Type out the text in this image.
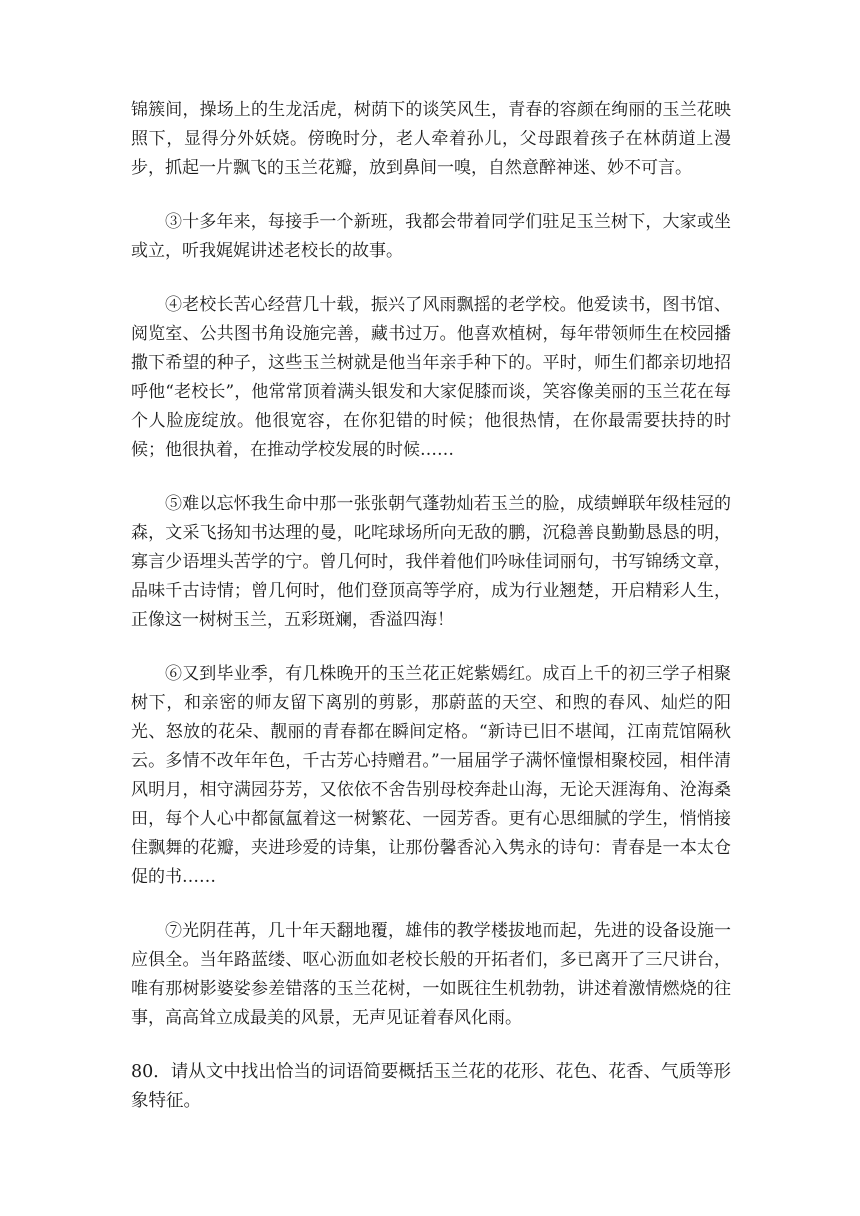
锦簇间，操场上的生龙活虎，树荫下的谈笑风生，青春的容颜在绚丽的玉兰花映照下，显得分外妖娆。傍晚时分，老人牵着孙儿，父母跟着孩子在林荫道上漫步，抓起一片飘飞的玉兰花瓣，放到鼻间一嗅，自然意醉神迷、妙不可言。

③十多年来，每接手一个新班，我都会带着同学们驻足玉兰树下，大家或坐或立，听我娓娓讲述老校长的故事。

④老校长苦心经营几十载，振兴了风雨飘摇的老学校。他爱读书，图书馆、阅览室、公共图书角设施完善，藏书过万。他喜欢植树，每年带领师生在校园播撒下希望的种子，这些玉兰树就是他当年亲手种下的。平时，师生们都亲切地招呼他“老校长”，他常常顶着满头银发和大家促膝而谈，笑容像美丽的玉兰花在每个人脸庞绽放。他很宽容，在你犯错的时候；他很热情，在你最需要扶持的时候；他很执着，在推动学校发展的时候……

⑤难以忘怀我生命中那一张张朝气蓬勃灿若玉兰的脸，成绩蝉联年级桂冠的森，文采飞扬知书达理的曼，叱咤球场所向无敌的鹏，沉稳善良勤勤恳恳的明，寡言少语埋头苦学的宁。曾几何时，我伴着他们吟咏佳词丽句，书写锦绣文章，品味千古诗情；曾几何时，他们登顶高等学府，成为行业翘楚，开启精彩人生，正像这一树树玉兰，五彩斑斓，香溢四海！

⑥又到毕业季，有几株晚开的玉兰花正姹紫嫣红。成百上千的初三学子相聚树下，和亲密的师友留下离别的剪影，那蔚蓝的天空、和煦的春风、灿烂的阳光、怒放的花朵、靓丽的青春都在瞬间定格。“新诗已旧不堪闻，江南荒馆隔秋云。多情不改年年色，千古芳心持赠君。”一届届学子满怀憧憬相聚校园，相伴清风明月，相守满园芬芳，又依依不舍告别母校奔赴山海，无论天涯海角、沧海桑田，每个人心中都氤氲着这一树繁花、一园芳香。更有心思细腻的学生，悄悄接住飘舞的花瓣，夹进珍爱的诗集，让那份馨香沁入隽永的诗句：青春是一本太仓促的书……

⑦光阴荏苒，几十年天翻地覆，雄伟的教学楼拔地而起，先进的设备设施一应俱全。当年路蓝缕、呕心沥血如老校长般的开拓者们，多已离开了三尺讲台，唯有那树影婆娑参差错落的玉兰花树，一如既往生机勃勃，讲述着激情燃烧的往事，高高耸立成最美的风景，无声见证着春风化雨。

80．请从文中找出恰当的词语简要概括玉兰花的花形、花色、花香、气质等形象特征。
